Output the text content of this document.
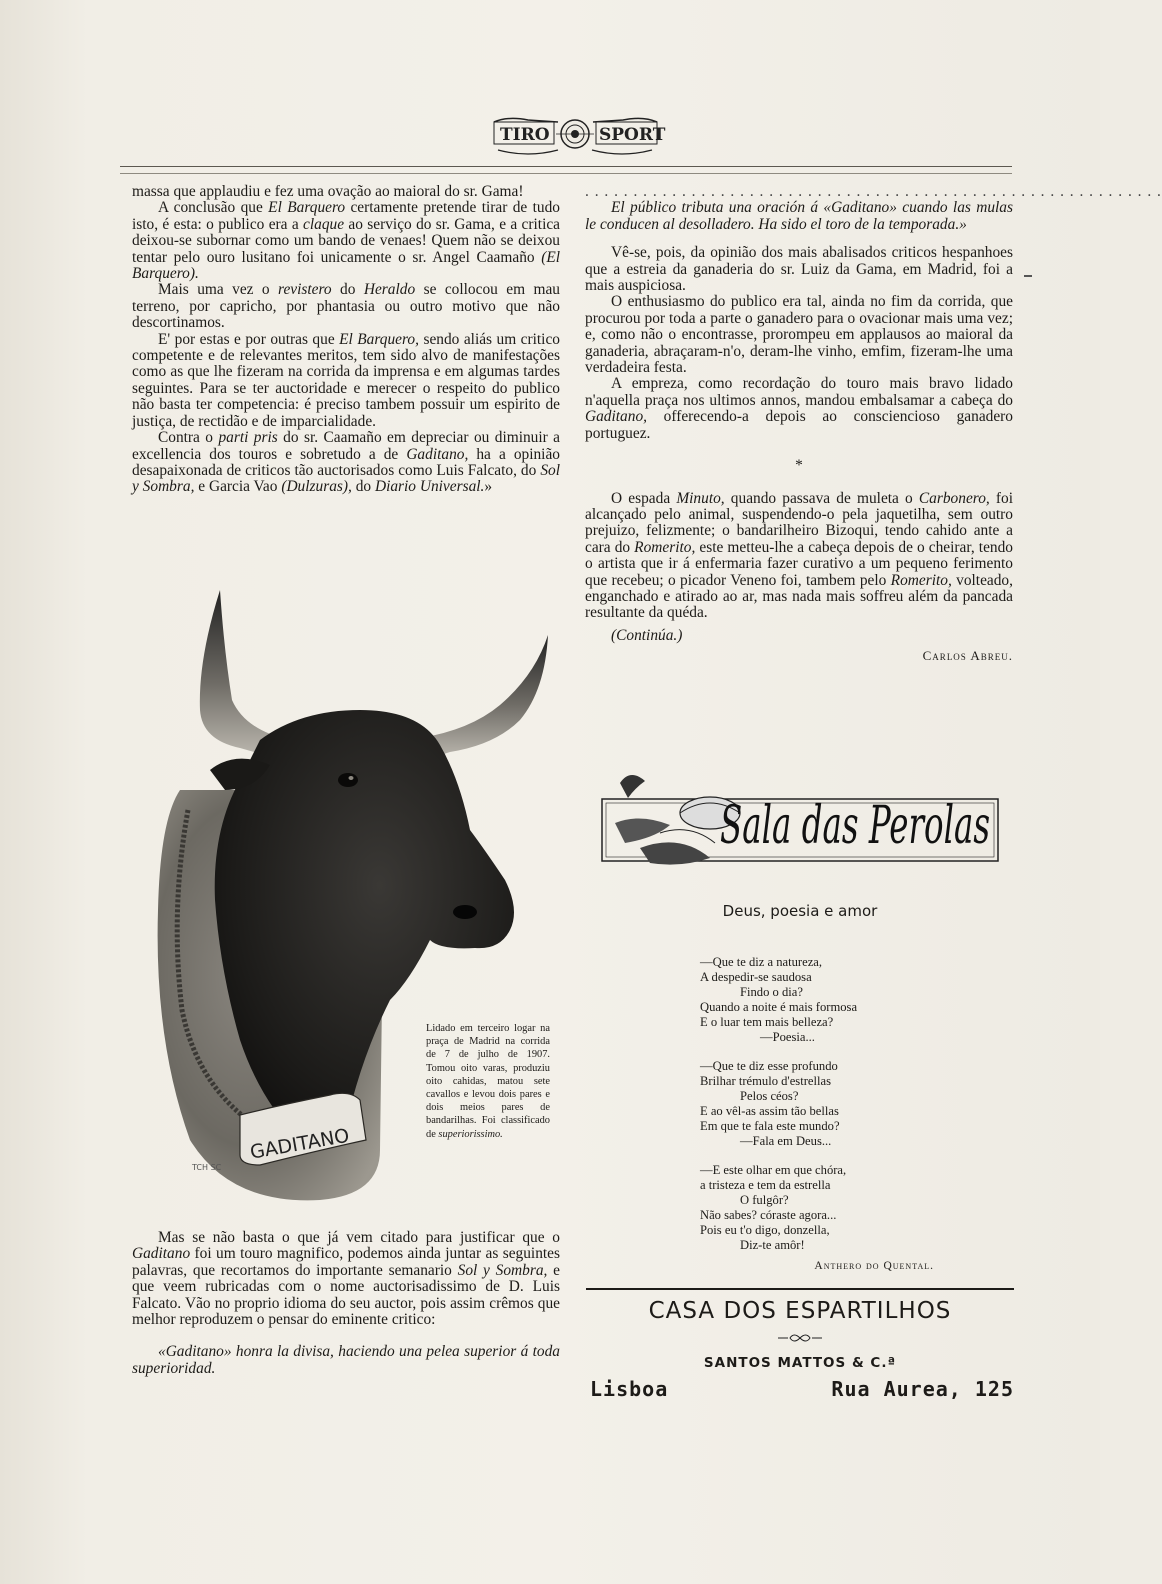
TIRO	SPORT

massa que applaudiu e fez uma ovação ao maioral do sr. Gama!

A conclusão que El Barquero certamente pretende tirar de tudo isto, é esta: o publico era a claque ao serviço do sr. Gama, e a critica deixou-se subornar como um bando de venaes! Quem não se deixou tentar pelo ouro lusitano foi unicamente o sr. Angel Caamaño (El Barquero).

Mais uma vez o revistero do Heraldo se collocou em mau terreno, por capricho, por phantasia ou outro motivo que não descortinamos.

E' por estas e por outras que El Barquero, sendo aliás um critico competente e de relevantes meritos, tem sido alvo de manifestações como as que lhe fizeram na corrida da imprensa e em algumas tardes seguintes. Para se ter auctoridade e merecer o respeito do publico não basta ter competencia: é preciso tambem possuir um espirito de justiça, de rectidão e de imparcialidade.

Contra o parti pris do sr. Caamaño em depreciar ou diminuir a excellencia dos touros e sobretudo a de Gaditano, ha a opinião desapaixonada de criticos tão auctorisados como Luis Falcato, do Sol y Sombra, e Garcia Vao (Dulzuras), do Diario Universal.»

GADITANO
TCH SC
Lidado em terceiro logar na praça de Madrid na corrida de 7 de julho de 1907. Tomou oito varas, produziu oito cahidas, matou sete cavallos e levou dois pares e dois meios pares de bandarilhas. Foi classificado de superiorissimo.

Mas se não basta o que já vem citado para justificar que o Gaditano foi um touro magnifico, podemos ainda juntar as seguintes palavras, que recortamos do importante semanario Sol y Sombra, e que veem rubricadas com o nome auctorisadissimo de D. Luis Falcato. Vão no proprio idioma do seu auctor, pois assim crêmos que melhor reproduzem o pensar do eminente critico:

«Gaditano» honra la divisa, haciendo una pelea superior á toda superioridad.

. . . . . . . . . . . . . . . . . . . . . . . . . . . . . . . . . . . . . . . . . . . . . . . . . . . . . . . . . . . .

El público tributa una oración á «Gaditano» cuando las mulas le conducen al desolladero. Ha sido el toro de la temporada.»

Vê-se, pois, da opinião dos mais abalisados criticos hespanhoes que a estreia da ganaderia do sr. Luiz da Gama, em Madrid, foi a mais auspiciosa.

O enthusiasmo do publico era tal, ainda no fim da corrida, que procurou por toda a parte o ganadero para o ovacionar mais uma vez; e, como não o encontrasse, prorompeu em applausos ao maioral da ganaderia, abraçaram-n'o, deram-lhe vinho, emfim, fizeram-lhe uma verdadeira festa.

A empreza, como recordação do touro mais bravo lidado n'aquella praça nos ultimos annos, mandou embalsamar a cabeça do Gaditano, offerecendo-a depois ao consciencioso ganadero portuguez.

*

O espada Minuto, quando passava de muleta o Carbonero, foi alcançado pelo animal, suspendendo-o pela jaquetilha, sem outro prejuizo, felizmente; o bandarilheiro Bizoqui, tendo cahido ante a cara do Romerito, este metteu-lhe a cabeça depois de o cheirar, tendo o artista que ir á enfermaria fazer curativo a um pequeno ferimento que recebeu; o picador Veneno foi, tambem pelo Romerito, volteado, enganchado e atirado ao ar, mas nada mais soffreu além da pancada resultante da quéda.

(Continúa.)

Carlos Abreu.

Sala das Perolas
Deus, poesia e amor
—Que te diz a natureza,
A despedir-se saudosa
Findo o dia?
Quando a noite é mais formosa
E o luar tem mais belleza?
—Poesia...
—Que te diz esse profundo
Brilhar trémulo d'estrellas
Pelos céos?
E ao vêl-as assim tão bellas
Em que te fala este mundo?
—Fala em Deus...
—E este olhar em que chóra,
a tristeza e tem da estrella
O fulgôr?
Não sabes? córaste agora...
Pois eu t'o digo, donzella,
Diz-te amôr!
Anthero do Quental.
CASA DOS ESPARTILHOS
SANTOS MATTOS & C.ª
Lisboa	Rua Aurea, 125
